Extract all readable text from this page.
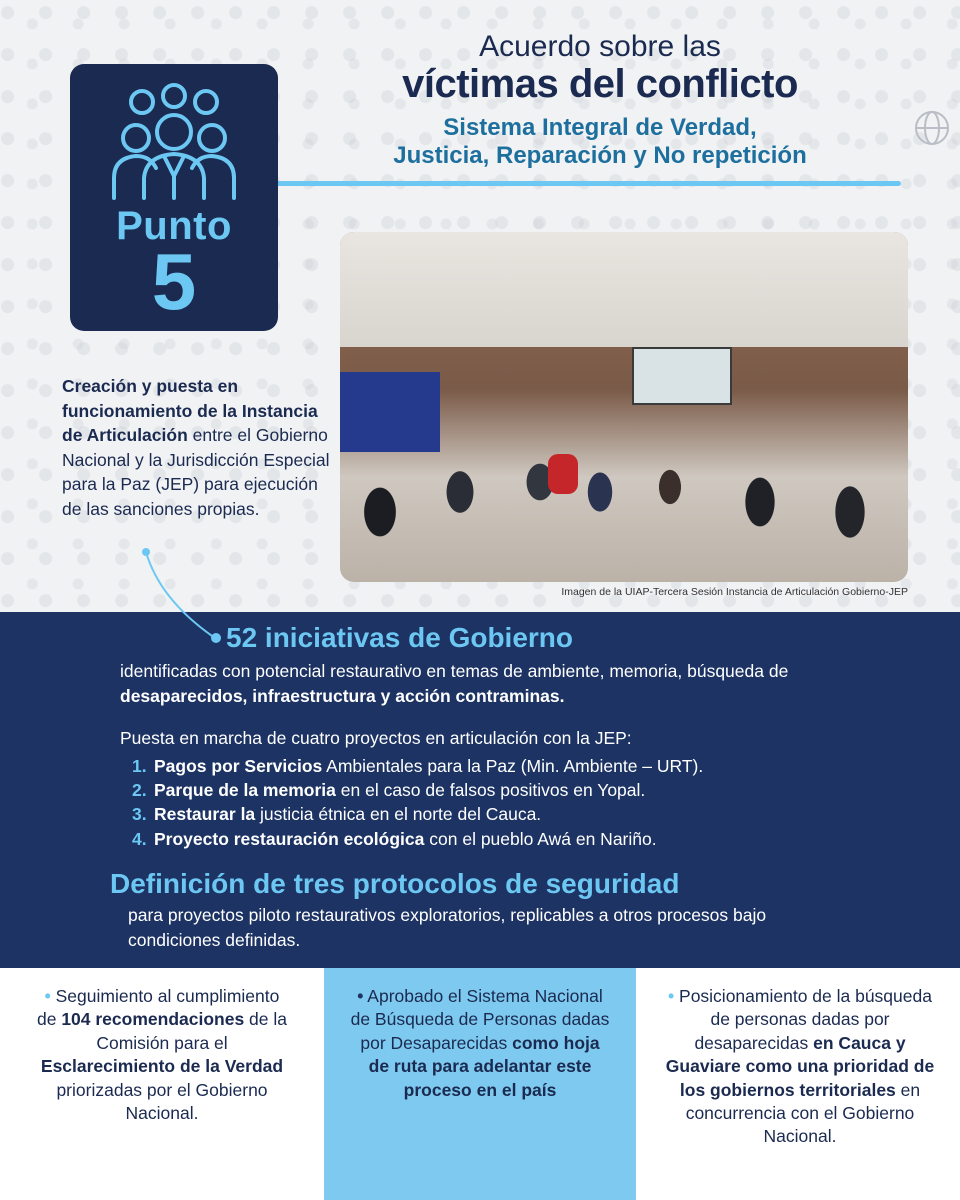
Acuerdo sobre las
víctimas del conflicto
Sistema Integral de Verdad,
Justicia, Reparación y No repetición
Punto
5
Imagen de la UIAP-Tercera Sesión Instancia de Articulación Gobierno-JEP
Creación y puesta en funcionamiento de la Instancia de Articulación entre el Gobierno Nacional y la Jurisdicción Especial para la Paz (JEP) para ejecución de las sanciones propias.
52 iniciativas de Gobierno
identificadas con potencial restaurativo en temas de ambiente, memoria, búsqueda de desaparecidos, infraestructura y acción contraminas.
Puesta en marcha de cuatro proyectos en articulación con la JEP:
1. Pagos por Servicios Ambientales para la Paz (Min. Ambiente – URT).
2. Parque de la memoria en el caso de falsos positivos en Yopal.
3. Restaurar la justicia étnica en el norte del Cauca.
4. Proyecto restauración ecológica con el pueblo Awá en Nariño.
Definición de tres protocolos de seguridad
para proyectos piloto restaurativos exploratorios, replicables a otros procesos bajo condiciones definidas.
• Seguimiento al cumplimiento de 104 recomendaciones de la Comisión para el Esclarecimiento de la Verdad priorizadas por el Gobierno Nacional.
• Aprobado el Sistema Nacional de Búsqueda de Personas dadas por Desaparecidas como hoja de ruta para adelantar este proceso en el país
• Posicionamiento de la búsqueda de personas dadas por desaparecidas en Cauca y Guaviare como una prioridad de los gobiernos territoriales en concurrencia con el Gobierno Nacional.
